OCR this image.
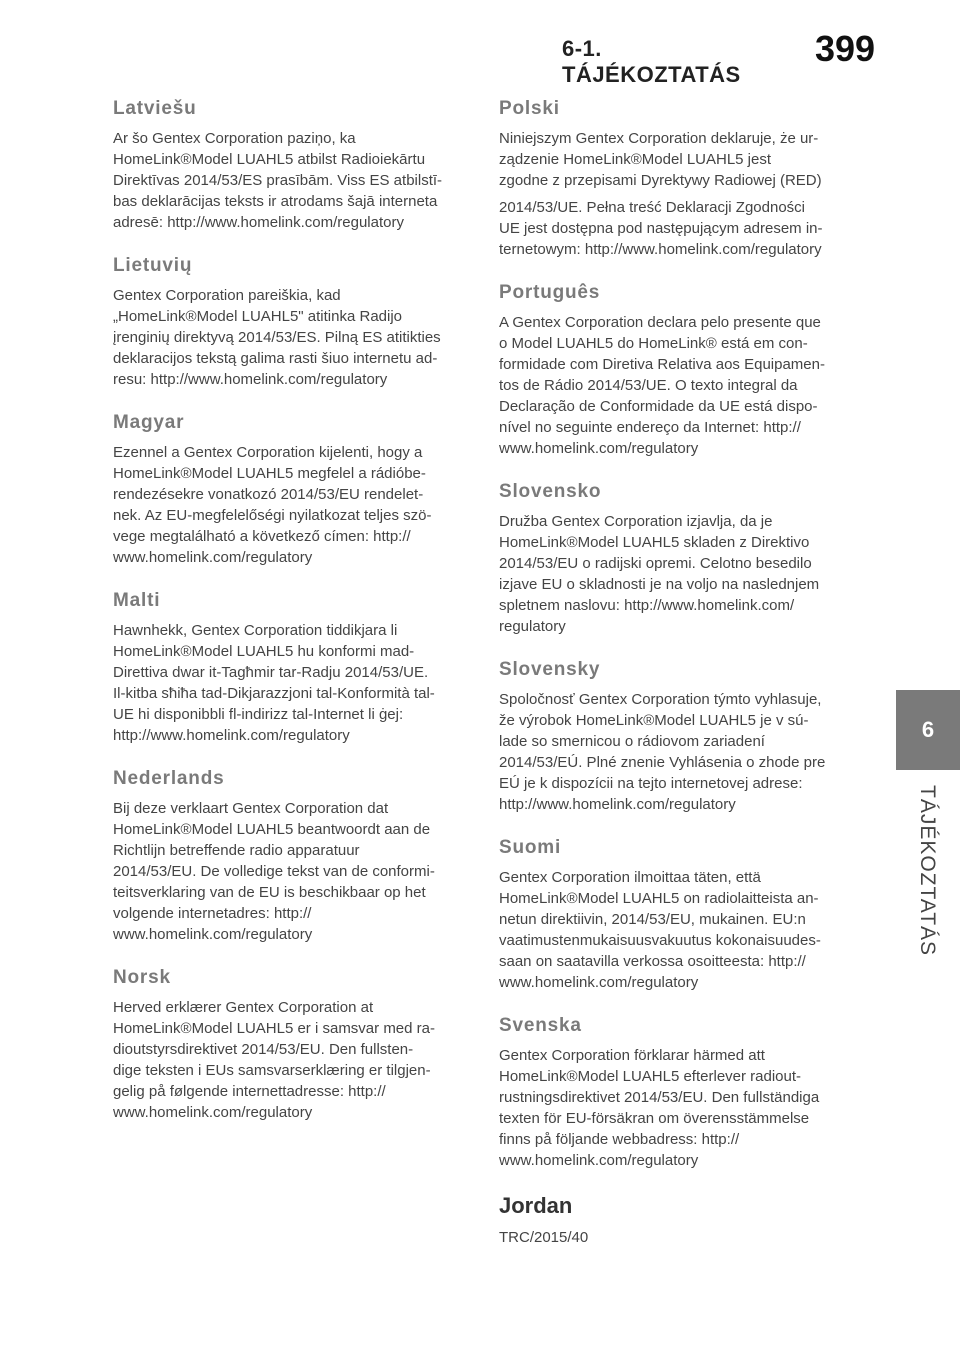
6-1. TÁJÉKOZTATÁS
399
6
TÁJÉKOZTATÁS
Latviešu
Ar šo Gentex Corporation paziņo, ka
HomeLink®Model LUAHL5 atbilst Radioiekārtu
Direktīvas 2014/53/ES prasībām. Viss ES atbilstī-
bas deklarācijas teksts ir atrodams šajā interneta
adresē: http://www.homelink.com/regulatory
Lietuvių
Gentex Corporation pareiškia, kad
„HomeLink®Model LUAHL5" atitinka Radijo
įrenginių direktyvą 2014/53/ES. Pilną ES atitikties
deklaracijos tekstą galima rasti šiuo internetu ad-
resu: http://www.homelink.com/regulatory
Magyar
Ezennel a Gentex Corporation kijelenti, hogy a
HomeLink®Model LUAHL5 megfelel a rádióbe-
rendezésekre vonatkozó 2014/53/EU rendelet-
nek. Az EU-megfelelőségi nyilatkozat teljes szö-
vege megtalálható a következő címen: http://
www.homelink.com/regulatory
Malti
Hawnhekk, Gentex Corporation tiddikjara li
HomeLink®Model LUAHL5 hu konformi mad-
Direttiva dwar it-Tagħmir tar-Radju 2014/53/UE.
Il-kitba sħiħa tad-Dikjarazzjoni tal-Konformità tal-
UE hi disponibbli fl-indirizz tal-Internet li ġej:
http://www.homelink.com/regulatory
Nederlands
Bij deze verklaart Gentex Corporation dat
HomeLink®Model LUAHL5 beantwoordt aan de
Richtlijn betreffende radio apparatuur
2014/53/EU. De volledige tekst van de conformi-
teitsverklaring van de EU is beschikbaar op het
volgende internetadres: http://
www.homelink.com/regulatory
Norsk
Herved erklærer Gentex Corporation at
HomeLink®Model LUAHL5 er i samsvar med ra-
dioutstyrsdirektivet 2014/53/EU. Den fullsten-
dige teksten i EUs samsvarserklæring er tilgjen-
gelig på følgende internettadresse: http://
www.homelink.com/regulatory
Polski
Niniejszym Gentex Corporation deklaruje, że ur-
ządzenie HomeLink®Model LUAHL5 jest
zgodne z przepisami Dyrektywy Radiowej (RED)
2014/53/UE. Pełna treść Deklaracji Zgodności
UE jest dostępna pod następującym adresem in-
ternetowym: http://www.homelink.com/regulatory
Português
A Gentex Corporation declara pelo presente que
o Model LUAHL5 do HomeLink® está em con-
formidade com Diretiva Relativa aos Equipamen-
tos de Rádio 2014/53/UE. O texto integral da
Declaração de Conformidade da UE está dispo-
nível no seguinte endereço da Internet: http://
www.homelink.com/regulatory
Slovensko
Družba Gentex Corporation izjavlja, da je
HomeLink®Model LUAHL5 skladen z Direktivo
2014/53/EU o radijski opremi. Celotno besedilo
izjave EU o skladnosti je na voljo na naslednjem
spletnem naslovu: http://www.homelink.com/
regulatory
Slovensky
Spoločnosť Gentex Corporation týmto vyhlasuje,
že výrobok HomeLink®Model LUAHL5 je v sú-
lade so smernicou o rádiovom zariadení
2014/53/EÚ. Plné znenie Vyhlásenia o zhode pre
EÚ je k dispozícii na tejto internetovej adrese:
http://www.homelink.com/regulatory
Suomi
Gentex Corporation ilmoittaa täten, että
HomeLink®Model LUAHL5 on radiolaitteista an-
netun direktiivin, 2014/53/EU, mukainen. EU:n
vaatimustenmukaisuusvakuutus kokonaisuudes-
saan on saatavilla verkossa osoitteesta: http://
www.homelink.com/regulatory
Svenska
Gentex Corporation förklarar härmed att
HomeLink®Model LUAHL5 efterlever radiout-
rustningsdirektivet 2014/53/EU. Den fullständiga
texten för EU-försäkran om överensstämmelse
finns på följande webbadress: http://
www.homelink.com/regulatory
Jordan
TRC/2015/40
